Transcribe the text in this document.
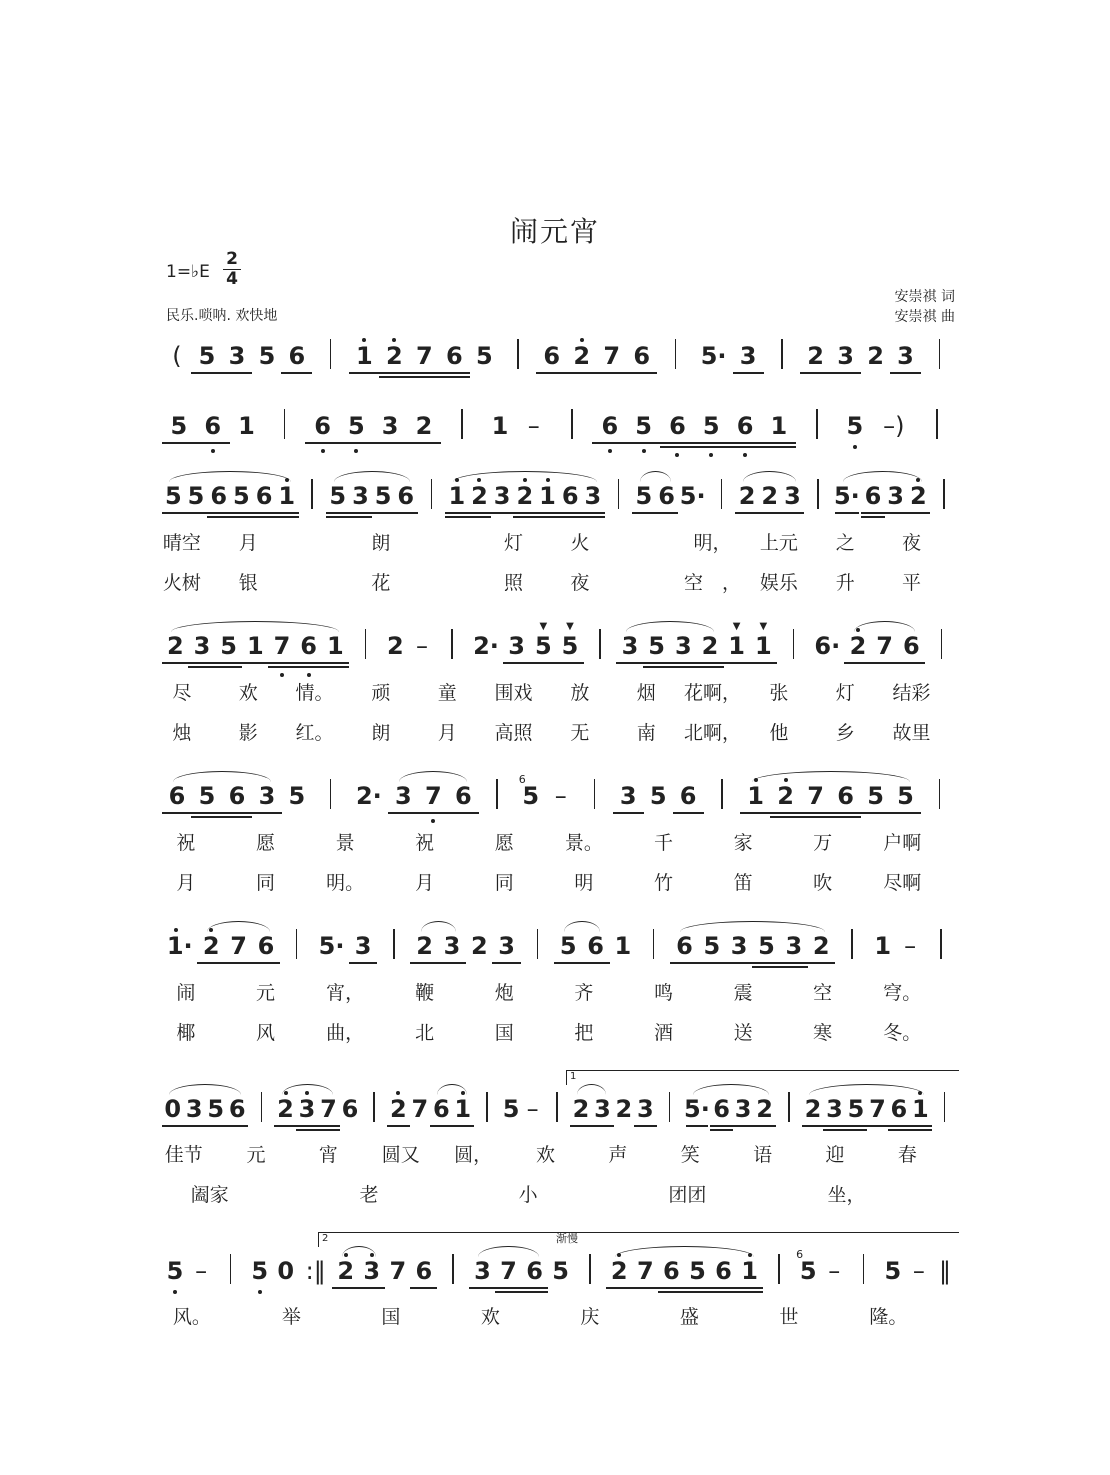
闹元宵
1=♭E
2
4
民乐.唢呐. 欢快地
安崇祺 词
安崇祺 曲
( 5 3 5 6 1 2 7 6 5 6 2 7 6 5· 3 2 3 2 3
5 6 1 6 5 3 2 1 –	6 5 6 5 6 1 5 –)
5 5 6 5 6 1 5 3 5 6 1 2 3 2 1 6 3 5 6 5· 2 2 3 5· 6 3 2
晴空 月	朗	灯 火	明， 上元 之 夜
火树 银	花	照 夜	空　， 娱乐 升 平
2 3 5 1 7 6 1 2 – 2· 3 5
▼
5
▼
3 5 3 2 1
▼
1
▼
6· 2 7 6
尽 欢 情。 顽 童 围戏 放 烟 花啊， 张 灯 结彩
烛 影 红。 朗 月 高照 无 南 北啊， 他 乡 故里
6 5 6 3 5 2· 3 7 6 5
6
– 3 5 6 1 2 7 6 5 5
祝	愿	景	祝	愿	景。	千	家	万	户啊
月	同	明。	月	同	明	竹	笛	吹	尽啊
1· 2 7 6 5· 3 2 3 2 3 5 6 1 6 5 3 5 3 2 1 –
闹	元	宵，	鞭	炮	齐	鸣	震	空	穹。
椰	风	曲，	北	国	把	酒	送	寒	冬。
0 3 5 6 2 3 7 6 2 7 6 1 5 – 2 3 2 3 5· 6 3 2 2 3 5 7 6 1
佳节 元	宵 圆又 圆， 欢	声	笑	语	迎	春
阖家	老	小	团团	坐，
5 – 5 0 :‖ 2 3 7 6 3 7 6 5 2 7 6 5 6 1 5
6
– 5 – ‖
风。	举	国	欢	庆	盛	世	隆。
1
2	渐慢
